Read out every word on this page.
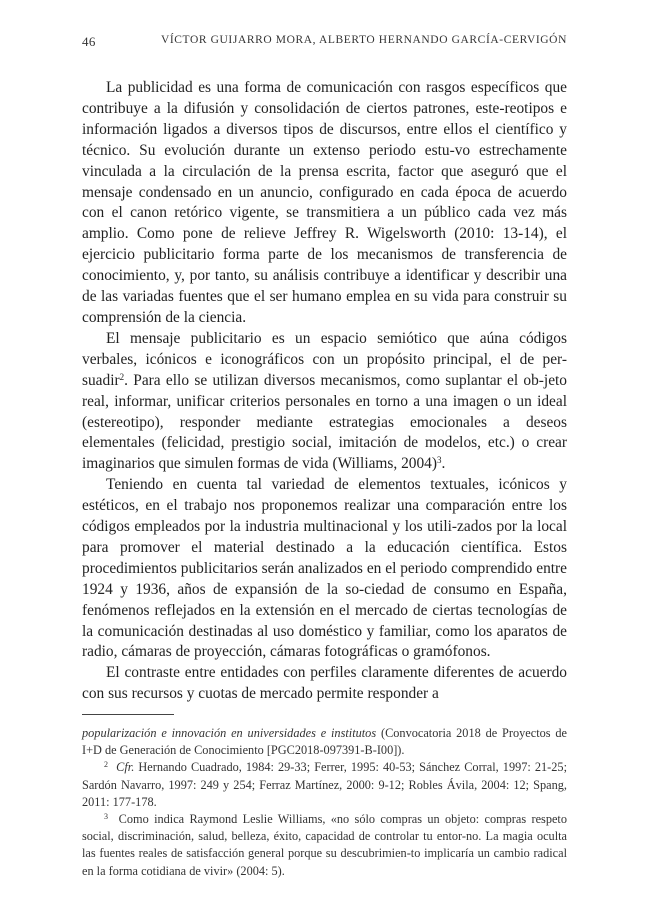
46	VÍCTOR GUIJARRO MORA, ALBERTO HERNANDO GARCÍA-CERVIGÓN

La publicidad es una forma de comunicación con rasgos específicos que contribuye a la difusión y consolidación de ciertos patrones, este-reotipos e información ligados a diversos tipos de discursos, entre ellos el científico y técnico. Su evolución durante un extenso periodo estu-vo estrechamente vinculada a la circulación de la prensa escrita, factor que aseguró que el mensaje condensado en un anuncio, configurado en cada época de acuerdo con el canon retórico vigente, se transmitiera a un público cada vez más amplio. Como pone de relieve Jeffrey R. Wigelsworth (2010: 13-14), el ejercicio publicitario forma parte de los mecanismos de transferencia de conocimiento, y, por tanto, su análisis contribuye a identificar y describir una de las variadas fuentes que el ser humano emplea en su vida para construir su comprensión de la ciencia.

El mensaje publicitario es un espacio semiótico que aúna códigos verbales, icónicos e iconográficos con un propósito principal, el de per-suadir$^2$. Para ello se utilizan diversos mecanismos, como suplantar el ob-jeto real, informar, unificar criterios personales en torno a una imagen o un ideal (estereotipo), responder mediante estrategias emocionales a deseos elementales (felicidad, prestigio social, imitación de modelos, etc.) o crear imaginarios que simulen formas de vida (Williams, 2004)$^3$.

Teniendo en cuenta tal variedad de elementos textuales, icónicos y estéticos, en el trabajo nos proponemos realizar una comparación entre los códigos empleados por la industria multinacional y los utili-zados por la local para promover el material destinado a la educación científica. Estos procedimientos publicitarios serán analizados en el periodo comprendido entre 1924 y 1936, años de expansión de la so-ciedad de consumo en España, fenómenos reflejados en la extensión en el mercado de ciertas tecnologías de la comunicación destinadas al uso doméstico y familiar, como los aparatos de radio, cámaras de proyección, cámaras fotográficas o gramófonos.

El contraste entre entidades con perfiles claramente diferentes de acuerdo con sus recursos y cuotas de mercado permite responder a

popularización e innovación en universidades e institutos (Convocatoria 2018 de Proyectos de I+D de Generación de Conocimiento [PGC2018-097391-B-I00]).

$^2$ Cfr. Hernando Cuadrado, 1984: 29-33; Ferrer, 1995: 40-53; Sánchez Corral, 1997: 21-25; Sardón Navarro, 1997: 249 y 254; Ferraz Martínez, 2000: 9-12; Robles Ávila, 2004: 12; Spang, 2011: 177-178.

$^3$ Como indica Raymond Leslie Williams, «no sólo compras un objeto: compras respeto social, discriminación, salud, belleza, éxito, capacidad de controlar tu entor-no. La magia oculta las fuentes reales de satisfacción general porque su descubrimien-to implicaría un cambio radical en la forma cotidiana de vivir» (2004: 5).
